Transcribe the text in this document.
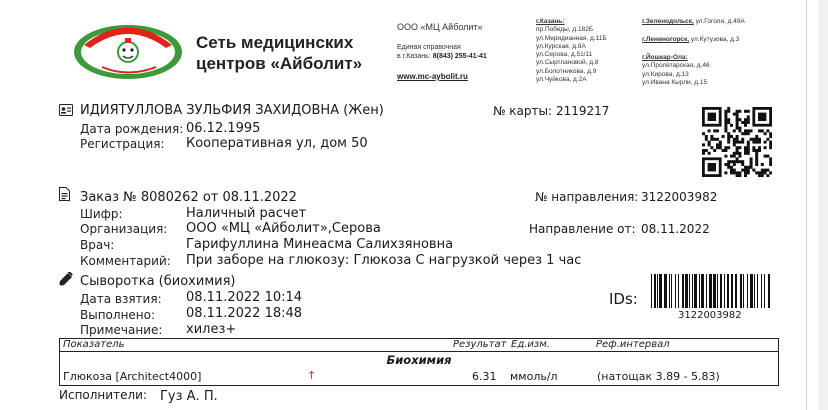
Сеть медицинских
центров «Айболит»
ООО «МЦ Айболит»
Единая справочная
в г.Казань: 8(843) 255-41-41
www.mc-aybolit.ru
г.Казань:
пр.Победы, д.182Б
ул.Меридианная, д.11Б
ул.Курская, д.8А
ул.Серова, д.51/11
ул.Сыртлановой, д.8
ул.Болотникова, д.9
ул.Чуйкова, д.2А
г.Зеленодольск, ул.Гоголя, д.49А
г.Лениногорск, ул.Кутузова, д.3
г.Йошкар-Ола:
ул.Пролетарская, д.46
ул.Кирова, д.13
ул.Ивана Кырли, д.15
ИДИЯТУЛЛОВА ЗУЛЬФИЯ ЗАХИДОВНА (Жен)	№ карты: 2119217
Дата рождения: 06.12.1995
Регистрация: Кооперативная ул, дом 50
Заказ № 8080262 от 08.11.2022	№ направления: 3122003982
Шифр:	Наличный расчет
Организация: ООО «МЦ «Айболит»,Серова	Направление от: 08.11.2022
Врач:	Гарифуллина Минеасма Салихзяновна
Комментарий: При заборе на глюкозу: Глюкоза С нагрузкой через 1 час
Сыворотка (биохимия)
Дата взятия: 08.11.2022 10:14
Выполнено: 08.11.2022 18:48
Примечание: хилез+
IDs:
3122003982
Показатель	Результат Ед.изм.	Реф.интервал
Биохимия
Глюкоза [Architect4000]	↑	6.31 ммоль/л	(натощак 3.89 - 5.83)
Исполнители: Гуз А. П.
